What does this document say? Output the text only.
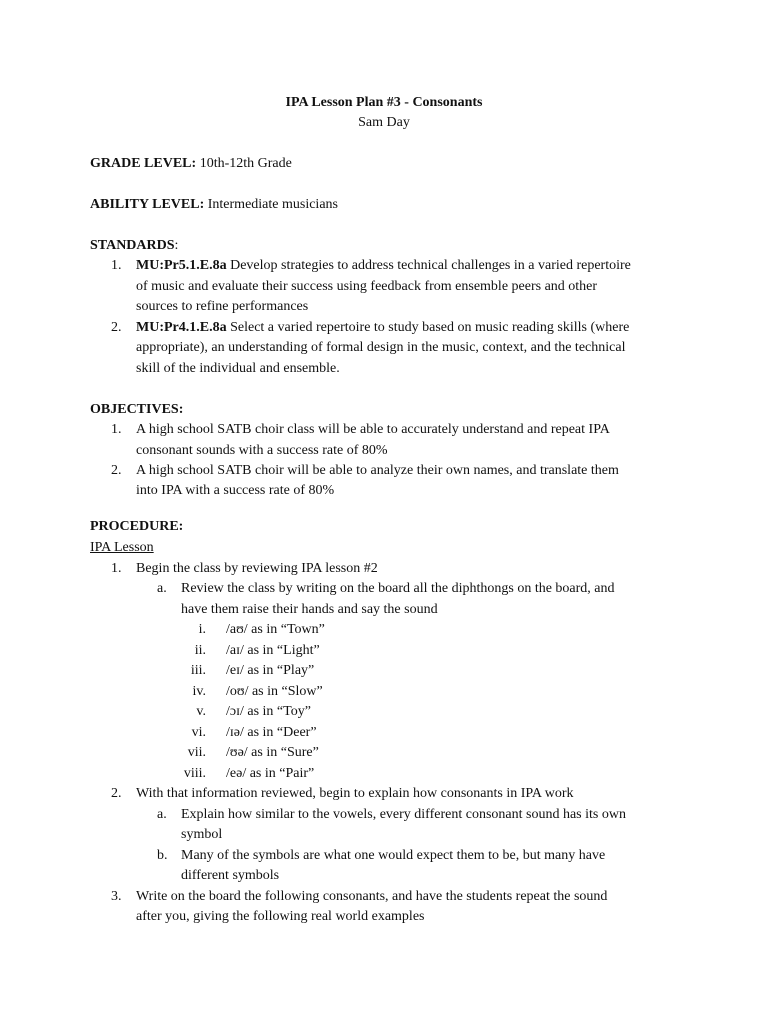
IPA Lesson Plan #3 - Consonants
Sam Day
GRADE LEVEL: 10th-12th Grade
ABILITY LEVEL: Intermediate musicians
STANDARDS:
1. MU:Pr5.1.E.8a Develop strategies to address technical challenges in a varied repertoire
of music and evaluate their success using feedback from ensemble peers and other
sources to refine performances
2. MU:Pr4.1.E.8a Select a varied repertoire to study based on music reading skills (where
appropriate), an understanding of formal design in the music, context, and the technical
skill of the individual and ensemble.
OBJECTIVES:
1. A high school SATB choir class will be able to accurately understand and repeat IPA
consonant sounds with a success rate of 80%
2. A high school SATB choir will be able to analyze their own names, and translate them
into IPA with a success rate of 80%
PROCEDURE:
IPA Lesson
1. Begin the class by reviewing IPA lesson #2
a. Review the class by writing on the board all the diphthongs on the board, and
have them raise their hands and say the sound
i. /aʊ/ as in “Town”
ii. /aɪ/ as in “Light”
iii. /eɪ/ as in “Play”
iv. /oʊ/ as in “Slow”
v. /ɔɪ/ as in “Toy”
vi. /ɪə/ as in “Deer”
vii. /ʊə/ as in “Sure”
viii. /eə/ as in “Pair”
2. With that information reviewed, begin to explain how consonants in IPA work
a. Explain how similar to the vowels, every different consonant sound has its own
symbol
b. Many of the symbols are what one would expect them to be, but many have
different symbols
3. Write on the board the following consonants, and have the students repeat the sound
after you, giving the following real world examples
